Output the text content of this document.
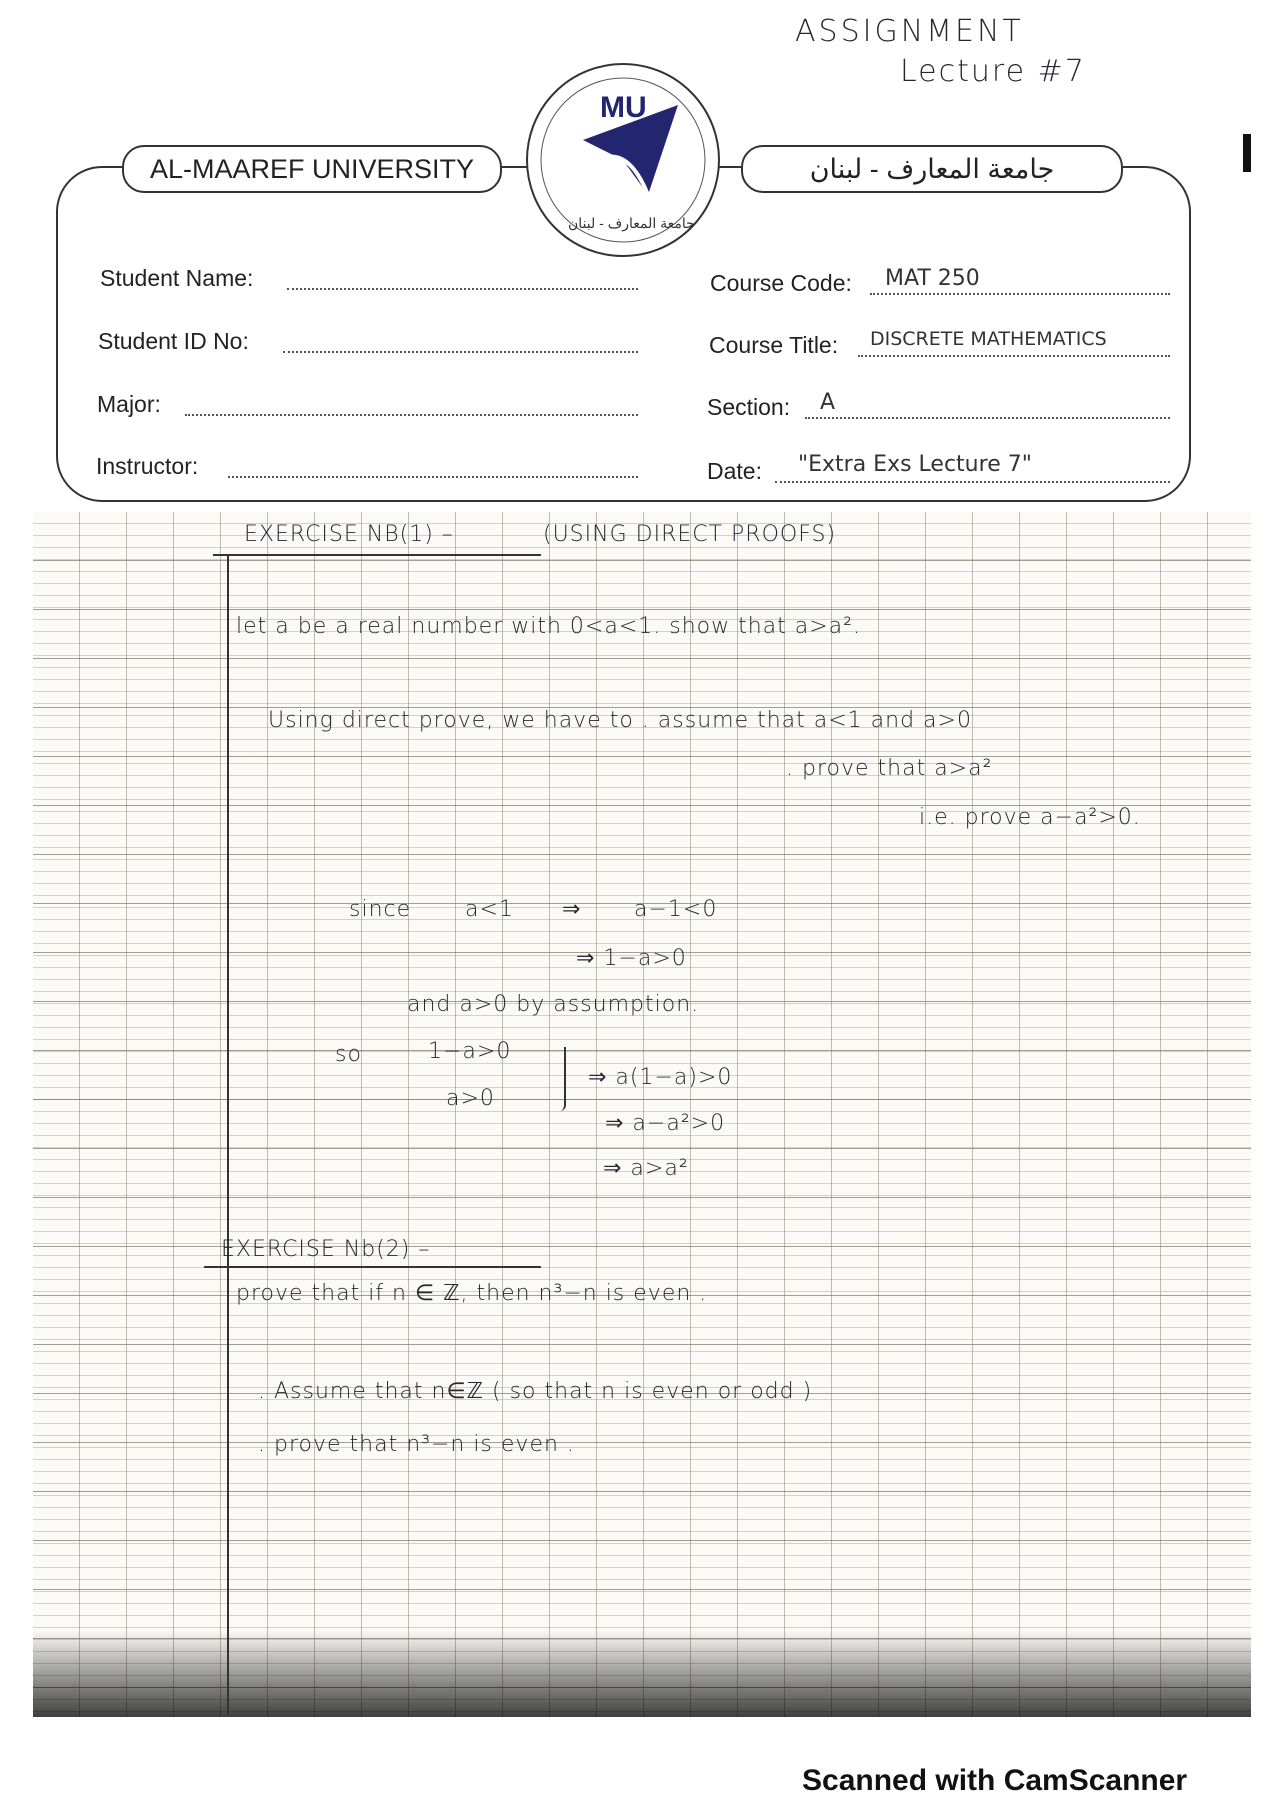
ASSIGNMENT
Lecture #7
AL-MAAREF UNIVERSITY	جامعة المعارف - لبنان
MU
جامعة المعارف - لبنان
Student Name:
Student ID No:
Major:
Instructor:
Course Code: MAT 250
Course Title: DISCRETE MATHEMATICS
Section: A
Date: "Extra Exs Lecture 7"
EXERCISE NB(1) –	(USING DIRECT PROOFS)
let a be a real number with 0<a<1. show that a>a².
Using direct prove, we have to . assume that a<1 and a>0
. prove that a>a²
i.e. prove a−a²>0.
since a<1 ⇒ a−1<0
⇒ 1−a>0
and a>0 by assumption.
so	1−a>0
a>0
⇒ a(1−a)>0
⇒ a−a²>0
⇒ a>a²
EXERCISE Nb(2) –
prove that if n ∈ ℤ, then n³−n is even .
. Assume that n∈ℤ ( so that n is even or odd )
. prove that n³−n is even .
Scanned with CamScanner
